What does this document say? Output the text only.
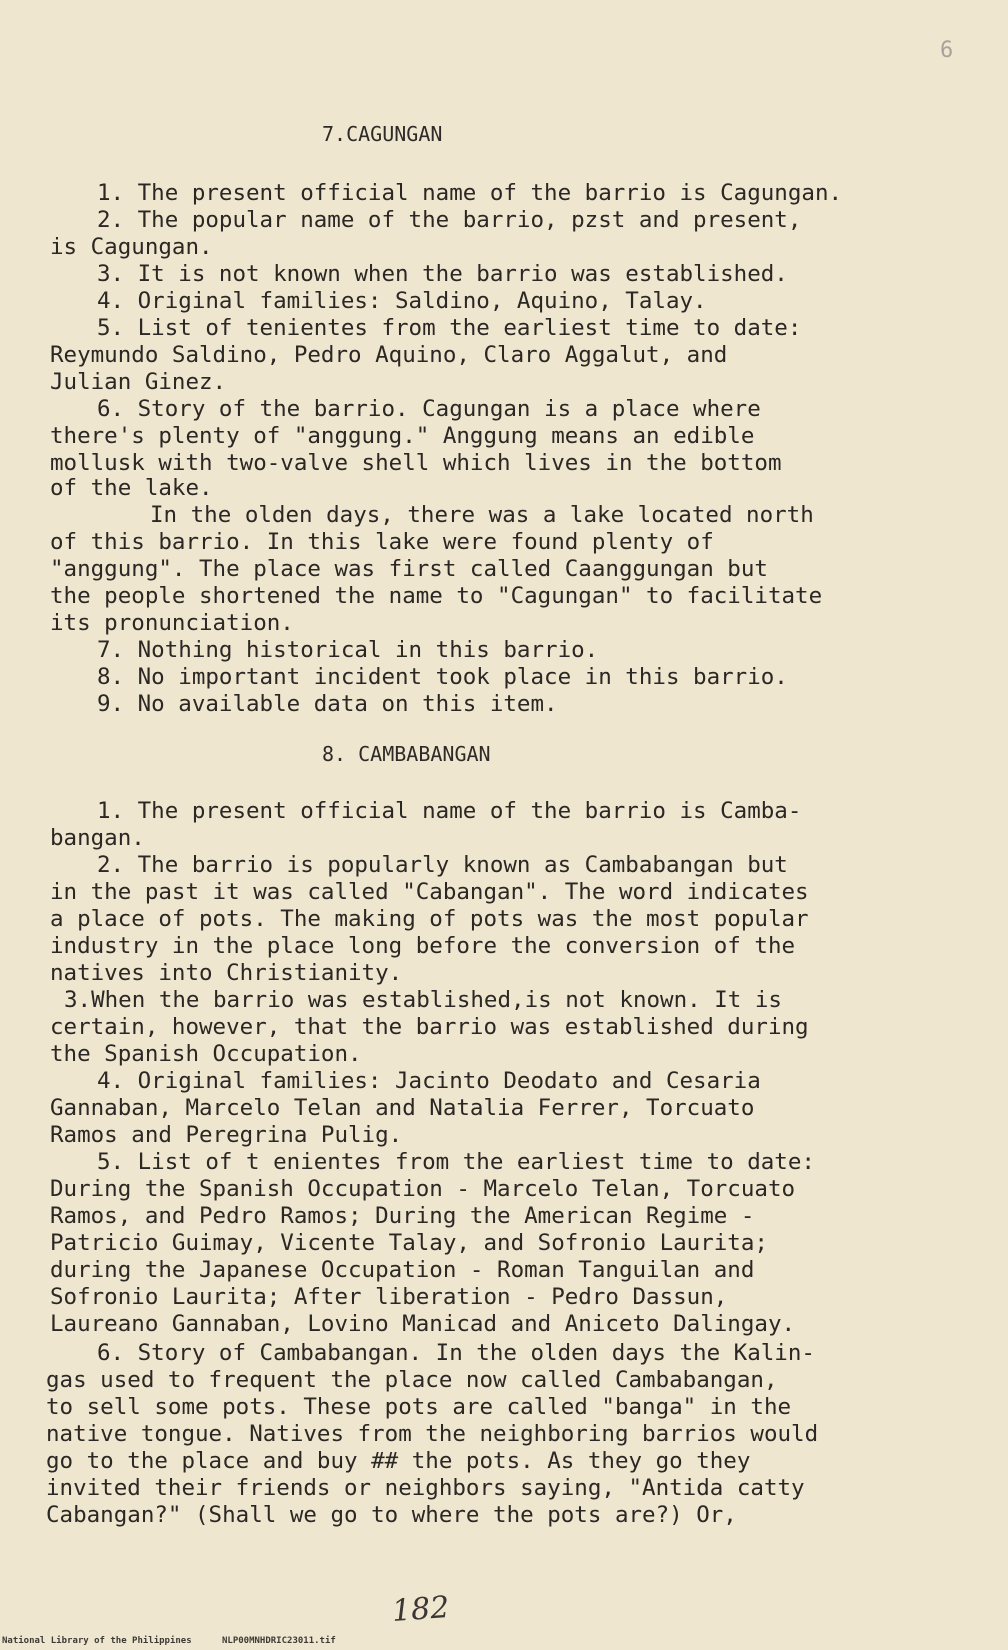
6
7.CAGUNGAN
1. The present official name of the barrio is Cagungan.
2. The popular name of the barrio, pzst and present,
is Cagungan.
3. It is not known when the barrio was established.
4. Original families: Saldino, Aquino, Talay.
5. List of tenientes from the earliest time to date:
Reymundo Saldino, Pedro Aquino, Claro Aggalut, and
Julian Ginez.
6. Story of the barrio. Cagungan is a place where
there's plenty of "anggung." Anggung means an edible
mollusk with two-valve shell which lives in the bottom
of the lake.
In the olden days, there was a lake located north
of this barrio. In this lake were found plenty of
"anggung". The place was first called Caanggungan but
the people shortened the name to "Cagungan" to facilitate
its pronunciation.
7. Nothing historical in this barrio.
8. No important incident took place in this barrio.
9. No available data on this item.
8. CAMBABANGAN
1. The present official name of the barrio is Camba-
bangan.
2. The barrio is popularly known as Cambabangan but
in the past it was called "Cabangan". The word indicates
a place of pots. The making of pots was the most popular
industry in the place long before the conversion of the
natives into Christianity.
3.When the barrio was established,is not known. It is
certain, however, that the barrio was established during
the Spanish Occupation.
4. Original families: Jacinto Deodato and Cesaria
Gannaban, Marcelo Telan and Natalia Ferrer, Torcuato
Ramos and Peregrina Pulig.
5. List of t enientes from the earliest time to date:
During the Spanish Occupation - Marcelo Telan, Torcuato
Ramos, and Pedro Ramos; During the American Regime -
Patricio Guimay, Vicente Talay, and Sofronio Laurita;
during the Japanese Occupation - Roman Tanguilan and
Sofronio Laurita; After liberation - Pedro Dassun,
Laureano Gannaban, Lovino Manicad and Aniceto Dalingay.
6. Story of Cambabangan. In the olden days the Kalin-
gas used to frequent the place now called Cambabangan,
to sell some pots. These pots are called "banga" in the
native tongue. Natives from the neighboring barrios would
go to the place and buy ## the pots. As they go they
invited their friends or neighbors saying, "Antida catty
Cabangan?" (Shall we go to where the pots are?) Or,
182
National Library of the Philippines	NLP00MNHDRIC23011.tif
